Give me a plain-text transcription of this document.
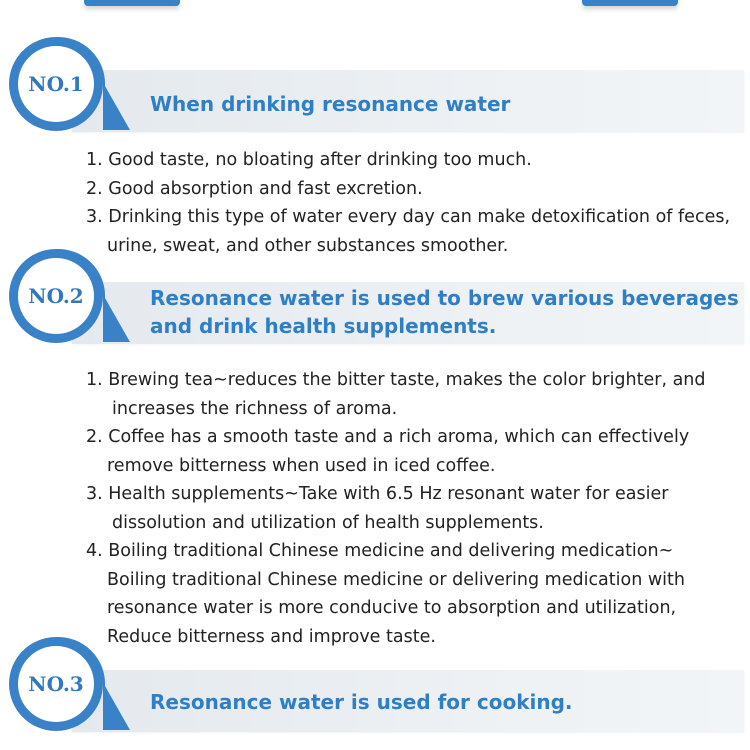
NO.1
When drinking resonance water
1. Good taste, no bloating after drinking too much.
2. Good absorption and fast excretion.
3. Drinking this type of water every day can make detoxification of feces,
urine, sweat, and other substances smoother.
NO.2	Resonance water is used to brew various beverages
and drink health supplements.
1. Brewing tea~reduces the bitter taste, makes the color brighter, and
increases the richness of aroma.
2. Coffee has a smooth taste and a rich aroma, which can effectively
remove bitterness when used in iced coffee.
3. Health supplements~Take with 6.5 Hz resonant water for easier
dissolution and utilization of health supplements.
4. Boiling traditional Chinese medicine and delivering medication~
Boiling traditional Chinese medicine or delivering medication with
resonance water is more conducive to absorption and utilization,
Reduce bitterness and improve taste.
NO.3
Resonance water is used for cooking.
